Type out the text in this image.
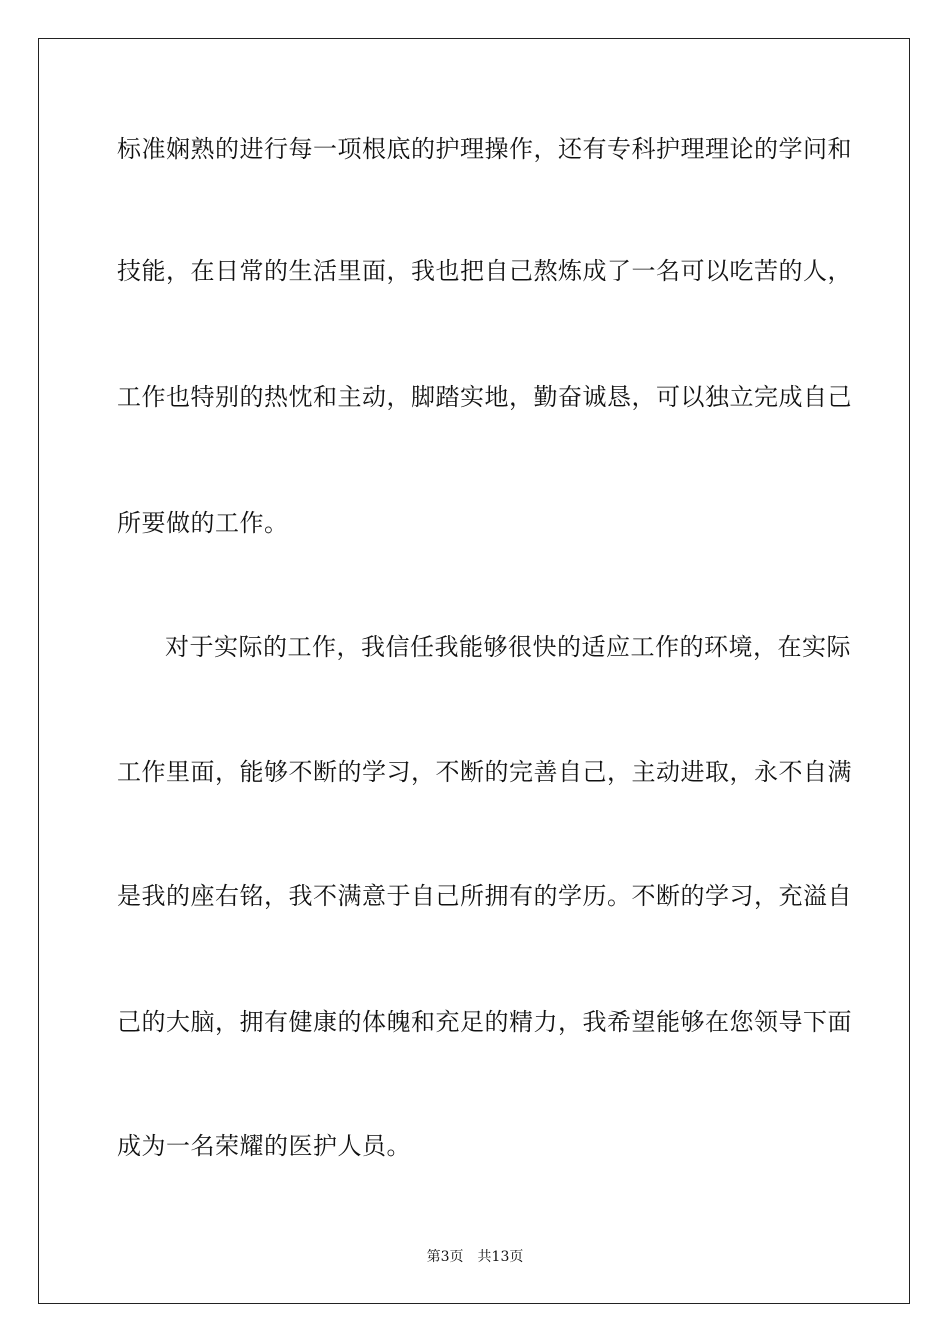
标准娴熟的进行每一项根底的护理操作，还有专科护理理论的学问和
技能，在日常的生活里面，我也把自己熬炼成了一名可以吃苦的人，
工作也特别的热忱和主动，脚踏实地，勤奋诚恳，可以独立完成自己
所要做的工作。
对于实际的工作，我信任我能够很快的适应工作的环境，在实际
工作里面，能够不断的学习，不断的完善自己，主动进取，永不自满
是我的座右铭，我不满意于自己所拥有的学历。不断的学习，充溢自
己的大脑，拥有健康的体魄和充足的精力，我希望能够在您领导下面
成为一名荣耀的医护人员。
第3页 共13页
